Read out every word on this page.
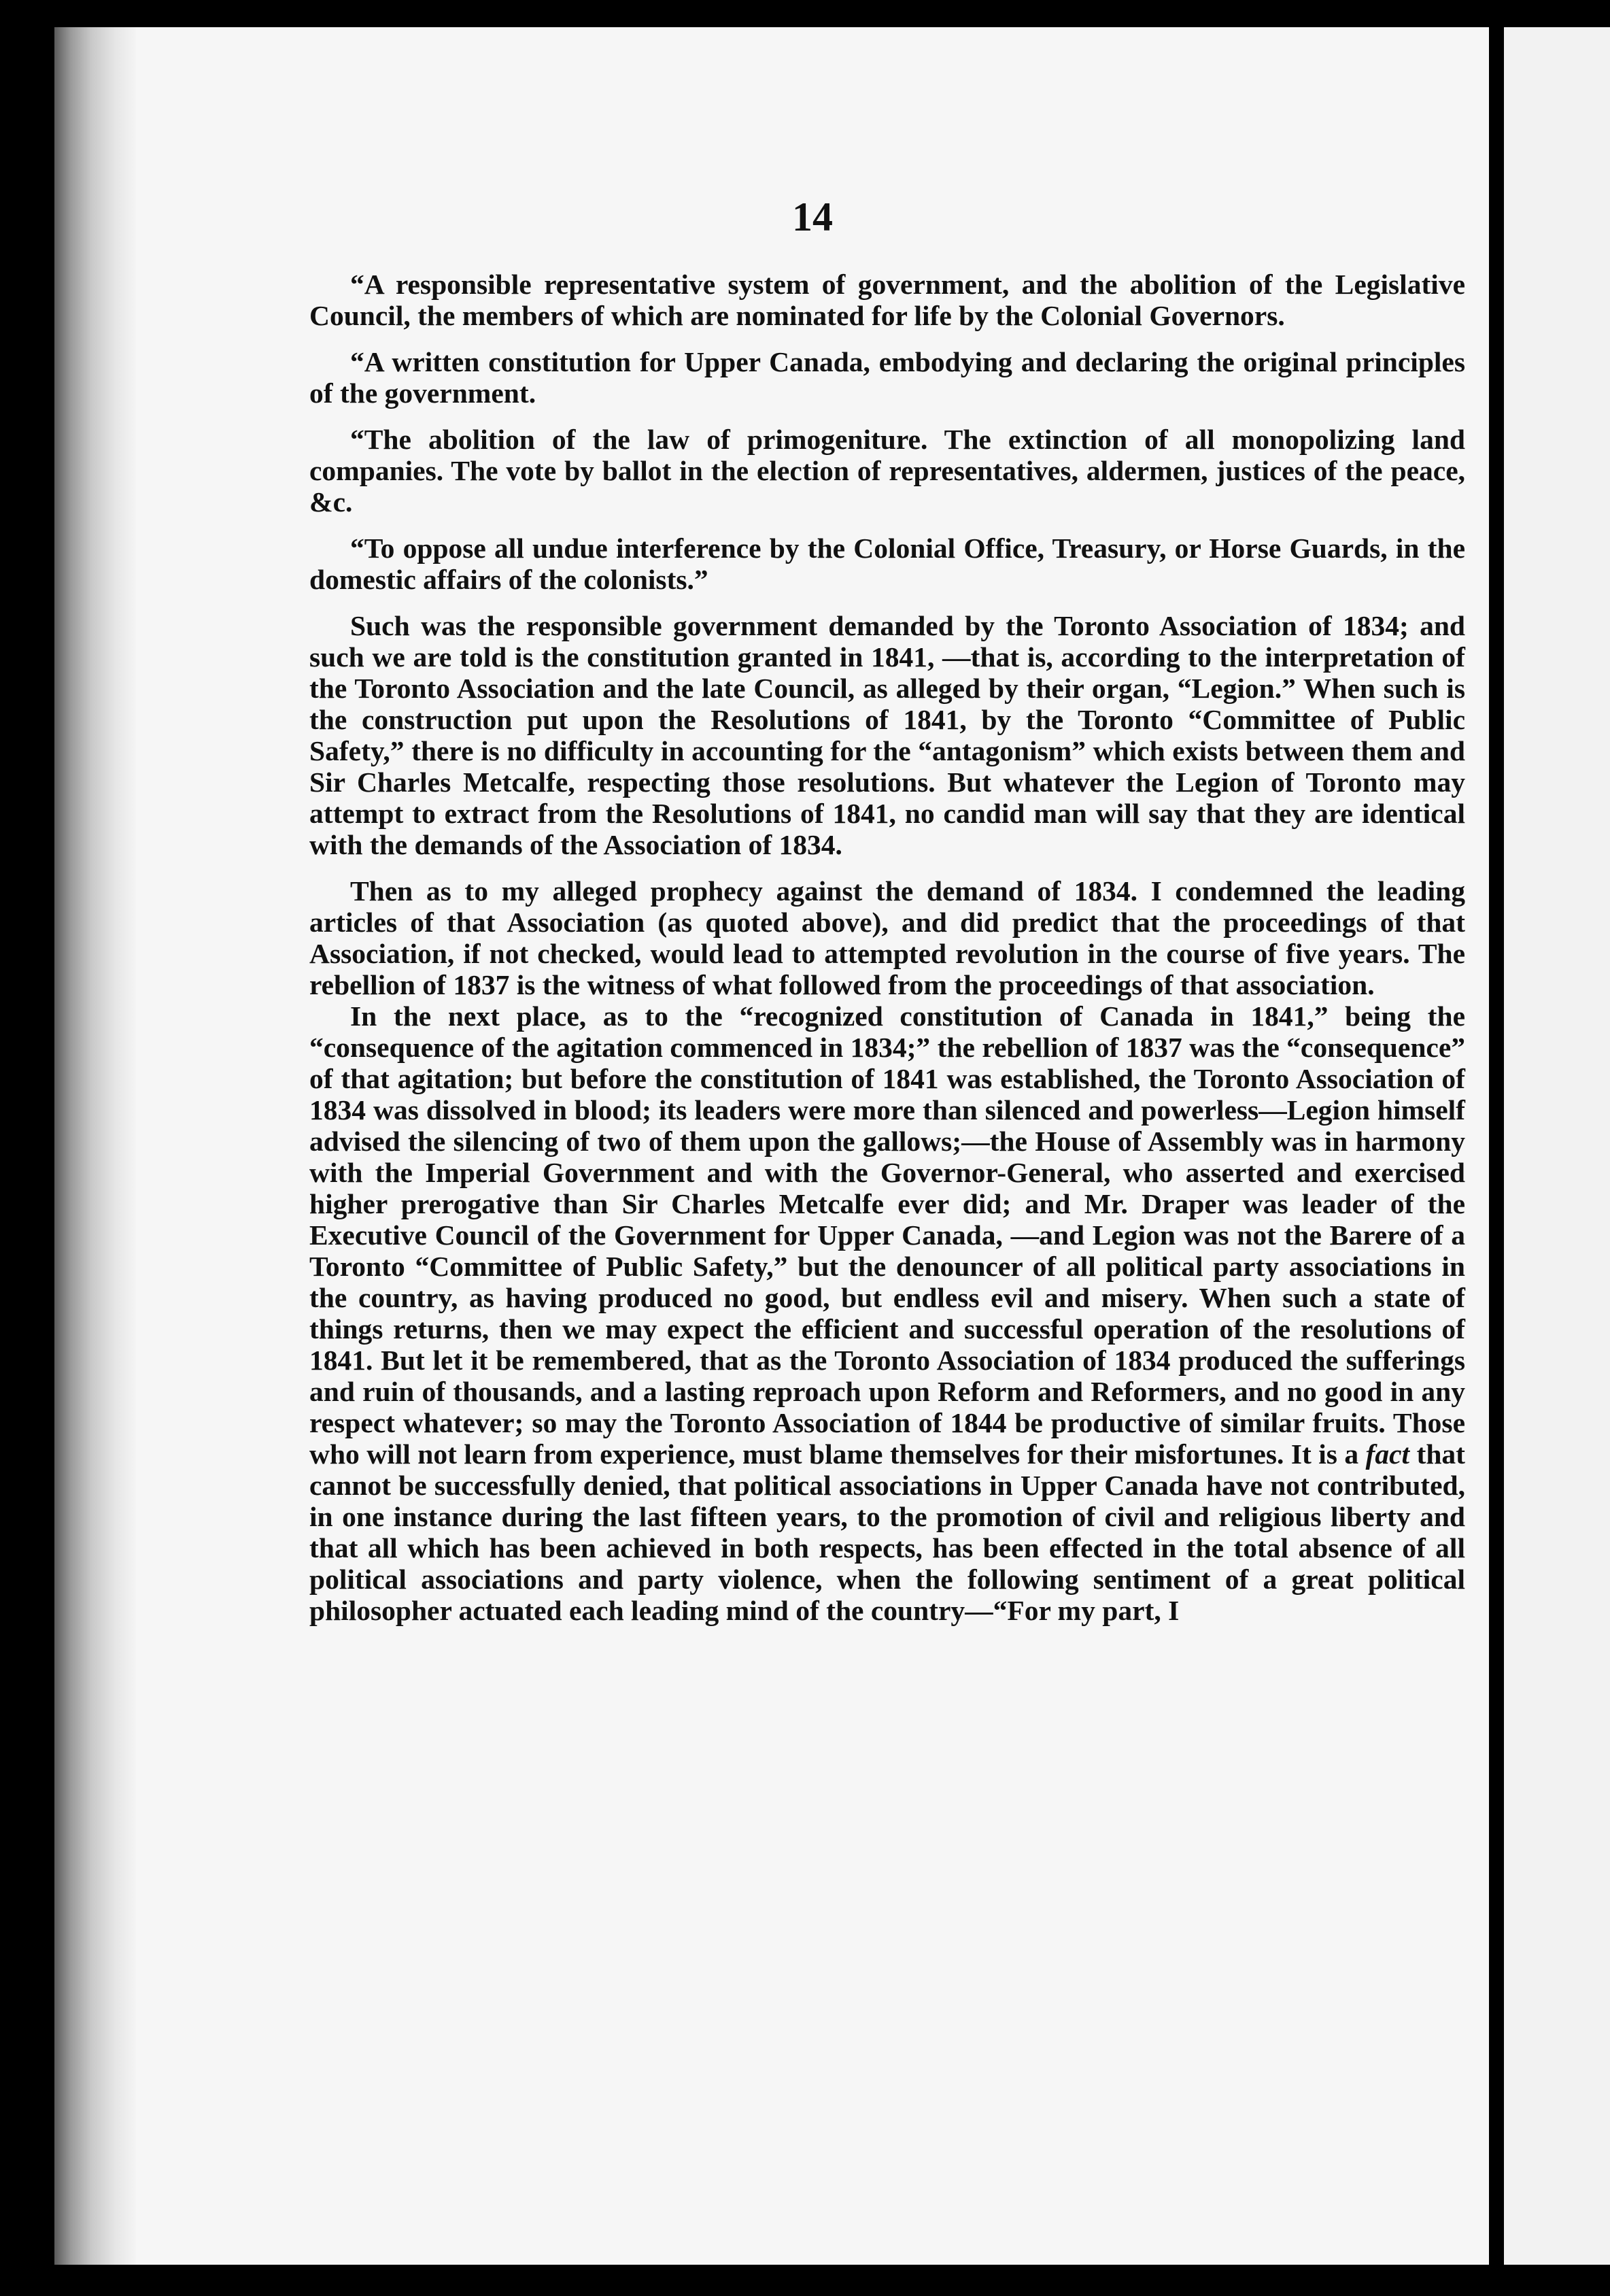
14

“A responsible representative system of government, and the abolition of the Legislative Council, the members of which are nominated for life by the Colonial Governors.

“A written constitution for Upper Canada, embodying and declaring the original principles of the government.

“The abolition of the law of primogeniture. The extinction of all monopolizing land companies. The vote by ballot in the election of representatives, aldermen, justices of the peace, &c.

“To oppose all undue interference by the Colonial Office, Treasury, or Horse Guards, in the domestic affairs of the colonists.”

Such was the responsible government demanded by the Toronto Association of 1834; and such we are told is the constitution granted in 1841, —that is, according to the interpretation of the Toronto Association and the late Council, as alleged by their organ, “Legion.” When such is the construction put upon the Resolutions of 1841, by the Toronto “Committee of Public Safety,” there is no difficulty in accounting for the “antagonism” which exists between them and Sir Charles Metcalfe, respecting those resolutions. But whatever the Legion of Toronto may attempt to extract from the Resolutions of 1841, no candid man will say that they are identical with the demands of the Association of 1834.

Then as to my alleged prophecy against the demand of 1834. I condemned the leading articles of that Association (as quoted above), and did predict that the proceedings of that Association, if not checked, would lead to attempted revolution in the course of five years. The rebellion of 1837 is the witness of what followed from the proceedings of that association.

In the next place, as to the “recognized constitution of Canada in 1841,” being the “consequence of the agitation commenced in 1834;” the rebellion of 1837 was the “consequence” of that agitation; but before the constitution of 1841 was established, the Toronto Association of 1834 was dissolved in blood; its leaders were more than silenced and powerless—Legion himself advised the silencing of two of them upon the gallows;—the House of Assembly was in harmony with the Imperial Government and with the Governor-General, who asserted and exercised higher prerogative than Sir Charles Metcalfe ever did; and Mr. Draper was leader of the Executive Council of the Government for Upper Canada, —and Legion was not the Barere of a Toronto “Committee of Public Safety,” but the denouncer of all political party associations in the country, as having produced no good, but endless evil and misery. When such a state of things returns, then we may expect the efficient and successful operation of the resolutions of 1841. But let it be remembered, that as the Toronto Association of 1834 produced the sufferings and ruin of thousands, and a lasting reproach upon Reform and Reformers, and no good in any respect whatever; so may the Toronto Association of 1844 be productive of similar fruits. Those who will not learn from experience, must blame themselves for their misfortunes. It is a fact that cannot be successfully denied, that political associations in Upper Canada have not contributed, in one instance during the last fifteen years, to the promotion of civil and religious liberty and that all which has been achieved in both respects, has been effected in the total absence of all political associations and party violence, when the following sentiment of a great political philosopher actuated each leading mind of the country—“For my part, I
